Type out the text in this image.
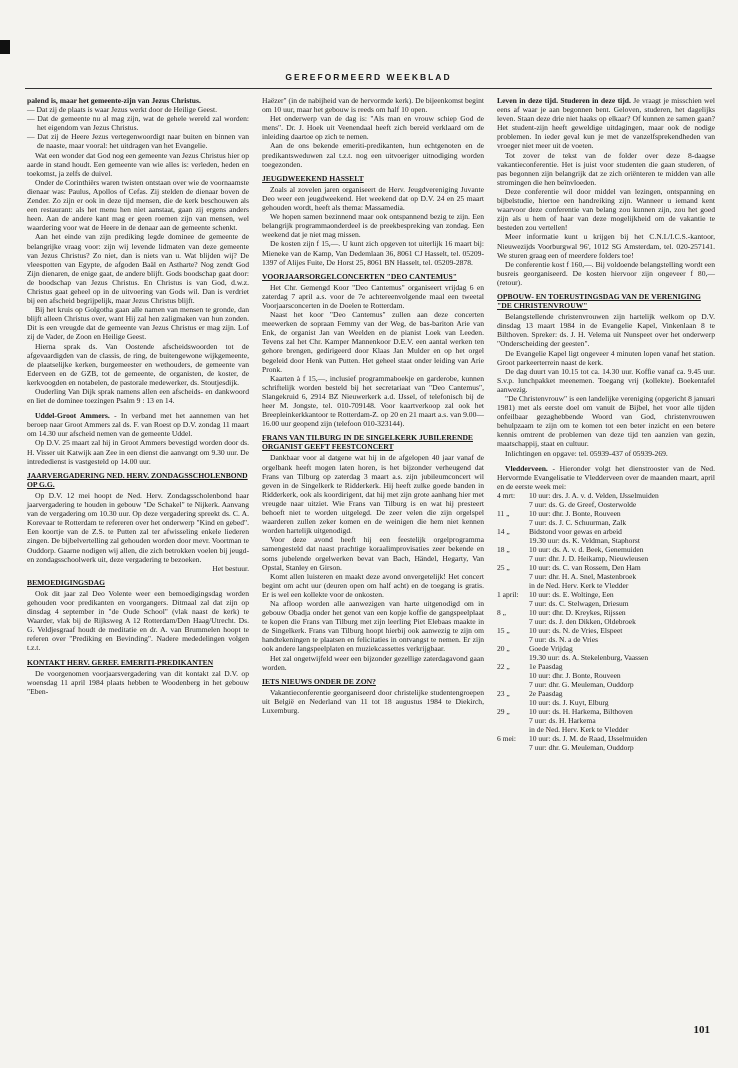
GEREFORMEERD WEEKBLAD

palend is, maar het gemeente-zijn van Jezus Christus.

— Dat zij de plaats is waar Jezus werkt door de Heilige Geest.

— Dat de gemeente nu al mag zijn, wat de gehele wereld zal worden: het eigendom van Jezus Christus.

— Dat zij de Heere Jezus vertegenwoordigt naar buiten en binnen van de naaste, maar vooral: het uitdragen van het Evangelie.

Wat een wonder dat God nog een gemeente van Jezus Christus hier op aarde in stand houdt. Een gemeente van wie alles is: verleden, heden en toekomst, ja zelfs de duivel.

Onder de Corinthiërs waren twisten ontstaan over wie de voornaamste dienaar was: Paulus, Apollos of Cefas. Zij stelden de dienaar boven de Zender. Zo zijn er ook in deze tijd mensen, die de kerk beschouwen als een restaurant: als het menu hen niet aanstaat, gaan zij ergens anders heen. Aan de andere kant mag er geen roemen zijn van mensen, wel waardering voor wat de Heere in de denaar aan de gemeente schenkt.

Aan het einde van zijn prediking legde dominee de gemeente de belangrijke vraag voor: zijn wij levende lidmaten van deze gemeente van Jezus Christus? Zo niet, dan is niets van u. Wat blijden wij? De vleespotten van Egypte, de afgoden Baäl en Astharte? Nog zendt God Zijn dienaren, de enige gaat, de andere blijft. Gods boodschap gaat door: de boodschap van Jezus Christus. En Christus is van God, d.w.z. Christus gaat geheel op in de uitvoering van Gods wil. Dan is verdriet bij een afscheid begrijpelijk, maar Jezus Christus blijft.

Bij het kruis op Golgotha gaan alle namen van mensen te gronde, dan blijft alleen Christus over, want Hij zal hen zaligmaken van hun zonden. Dit is een vreugde dat de gemeente van Jezus Christus er mag zijn. Lof zij de Vader, de Zoon en Heilige Geest.

Hierna sprak ds. Van Oostende afscheidswoorden tot de afgevaardigden van de classis, de ring, de buitengewone wijkgemeente, de plaatselijke kerken, burgemeester en wethouders, de gemeente van Ederveen en de GZB, tot de gemeente, de organisten, de koster, de kerkvoogden en notabelen, de pastorale medewerker, ds. Stoutjesdijk.

Ouderling Van Dijk sprak namens allen een afscheids- en dankwoord en liet de dominee toezingen Psalm 9 : 13 en 14.

Uddel-Groot Ammers. - In verband met het aannemen van het beroep naar Groot Ammers zal ds. F. van Roest op D.V. zondag 11 maart om 14.30 uur afscheid nemen van de gemeente Uddel.

Op D.V. 25 maart zal hij in Groot Ammers bevestigd worden door ds. H. Visser uit Katwijk aan Zee in een dienst die aanvangt om 9.30 uur. De intrededienst is vastgesteld op 14.00 uur.

JAARVERGADERING NED. HERV. ZONDAGSSCHOLENBOND OP G.G.

Op D.V. 12 mei hoopt de Ned. Herv. Zondagsscholenbond haar jaarvergadering te houden in gebouw "De Schakel" te Nijkerk. Aanvang van de vergadering om 10.30 uur. Op deze vergadering spreekt ds. C. A. Korevaar te Rotterdam te refereren over het onderwerp "Kind en gebed". Een koortje van de Z.S. te Putten zal ter afwisseling enkele liederen zingen. De bijbelvertelling zal gehouden worden door mevr. Voortman te Ouddorp. Gaarne nodigen wij allen, die zich betrokken voelen bij jeugd- en zondagsschoolwerk uit, deze vergadering te bezoeken.

Het bestuur.

BEMOEDIGINGSDAG

Ook dit jaar zal Deo Volente weer een bemoedigingsdag worden gehouden voor predikanten en voorgangers. Ditmaal zal dat zijn op dinsdag 4 september in "de Oude School" (vlak naast de kerk) te Waarder, vlak bij de Rijksweg A 12 Rotterdam/Den Haag/Utrecht. Ds. G. Veldjesgraaf houdt de meditatie en dr. A. van Brummelen hoopt te referen over "Prediking en Bevinding". Nadere mededelingen volgen t.z.t.

KONTAKT HERV. GEREF. EMERITI-PREDIKANTEN

De voorgenomen voorjaarsvergadering van dit kontakt zal D.V. op woensdag 11 april 1984 plaats hebben te Woodenberg in het gebouw "Eben-

Haëzer" (in de nabijheid van de hervormde kerk). De bijeenkomst begint om 10 uur, maar het gebouw is reeds om half 10 open.

Het onderwerp van de dag is: "Als man en vrouw schiep God de mens". Dr. J. Hoek uit Veenendaal heeft zich bereid verklaard om de inleiding daartoe op zich te nemen.

Aan de ons bekende emeriti-predikanten, hun echtgenoten en de predikantsweduwen zal t.z.t. nog een uitvoeriger uitnodiging worden toegezonden.

JEUGDWEEKEND HASSELT

Zoals al zovelen jaren organiseert de Herv. Jeugdvereniging Juvante Deo weer een jeugdweekend. Het weekend dat op D.V. 24 en 25 maart gehouden wordt, heeft als thema: Massamedia.

We hopen samen bezinnend maar ook ontspannend bezig te zijn. Een belangrijk programmaonderdeel is de preekbespreking van zondag. Een weekend dat je niet mag missen.

De kosten zijn f 15,—. U kunt zich opgeven tot uiterlijk 16 maart bij: Mieneke van de Kamp, Van Dedemlaan 36, 8061 CJ Hasselt, tel. 05209-1397 of Alijes Fuite, De Horst 25, 8061 BN Hasselt, tel. 05209-2878.

VOORJAARSORGELCONCERTEN "DEO CANTEMUS"

Het Chr. Gemengd Koor "Deo Cantemus" organiseert vrijdag 6 en zaterdag 7 april a.s. voor de 7e achtereenvolgende maal een tweetal Voorjaarsconcerten in de Doelen te Rotterdam.

Naast het koor "Deo Cantemus" zullen aan deze concerten meewerken de sopraan Femmy van der Weg, de bas-bariton Arie van Enk, de organist Jan van Weelden en de pianist Loek van Leeden. Tevens zal het Chr. Kamper Mannenkoor D.E.V. een aantal werken ten gehore brengen, gedirigeerd door Klaas Jan Mulder en op het orgel begeleid door Henk van Putten. Het geheel staat onder leiding van Arie Pronk.

Kaarten à f 15,—, inclusief programmaboekje en garderobe, kunnen schriftelijk worden besteld bij het secretariaat van "Deo Cantemus", Slangekruid 6, 2914 BZ Nieuwerkerk a.d. IJssel, of telefonisch bij de heer M. Jongste, tel. 010-709148. Voor kaartverkoop zal ook het Breepleinkerkkantoor te Rotterdam-Z. op 20 en 21 maart a.s. van 9.00—16.00 uur geopend zijn (telefoon 010-323144).

FRANS VAN TILBURG IN DE SINGELKERK JUBILERENDE ORGANIST GEEFT FEESTCONCERT

Dankbaar voor al datgene wat hij in de afgelopen 40 jaar vanaf de orgelbank heeft mogen laten horen, is het bijzonder verheugend dat Frans van Tilburg op zaterdag 3 maart a.s. zijn jubileumconcert wil geven in de Singelkerk te Ridderkerk. Hij heeft zulke goede banden in Ridderkerk, ook als koordirigent, dat hij met zijn grote aanhang hier met vreugde naar uitziet. Wie Frans van Tilburg is en wat hij presteert behoeft niet te worden uitgelegd. De zeer velen die zijn orgelspel waarderen zullen zeker komen en de weinigen die hem niet kennen worden hartelijk uitgenodigd.

Voor deze avond heeft hij een feestelijk orgelprogramma samengesteld dat naast prachtige koraalimprovisaties zeer bekende en soms jubelende orgelwerken bevat van Bach, Händel, Hegarty, Van Opstal, Stanley en Girson.

Komt allen luisteren en maakt deze avond onvergetelijk! Het concert begint om acht uur (deuren open om half acht) en de toegang is gratis. Er is wel een kollekte voor de onkosten.

Na afloop worden alle aanwezigen van harte uitgenodigd om in gebouw Obadja onder het genot van een kopje koffie de gangspeelplaat te kopen die Frans van Tilburg met zijn leerling Piet Elebaas maakte in de Singelkerk. Frans van Tilburg hoopt hierbij ook aanwezig te zijn om handtekeningen te plaatsen en felicitaties in ontvangst te nemen. Er zijn ook andere langspeelplaten en muziekcassettes verkrijgbaar.

Het zal ongetwijfeld weer een bijzonder gezellige zaterdagavond gaan worden.

IETS NIEUWS ONDER DE ZON?

Vakantieconferentie georganiseerd door christelijke studentengroepen uit België en Nederland van 11 tot 18 augustus 1984 te Diekirch, Luxemburg.

Leven in deze tijd. Studeren in deze tijd. Je vraagt je misschien wel eens af waar je aan begonnen bent. Geloven, studeren, het dagelijks leven. Staan deze drie niet haaks op elkaar? Of kunnen ze samen gaan? Het student-zijn heeft geweldige uitdagingen, maar ook de nodige problemen. In ieder geval kun je met de vanzelfsprekendheden van vroeger niet meer uit de voeten.

Tot zover de tekst van de folder over deze 8-daagse vakantieconferentie. Het is juist voor studenten die gaan studeren, of pas begonnen zijn belangrijk dat ze zich oriënteren te midden van alle stromingen die hen beïnvloeden.

Deze conferentie wil door middel van lezingen, ontspanning en bijbelstudie, hiertoe een handreiking zijn. Wanneer u iemand kent waarvoor deze conferentie van belang zou kunnen zijn, zou het goed zijn als u hem of haar van deze mogelijkheid om de vakantie te besteden zou vertellen!

Meer informatie kunt u krijgen bij het C.N.I./I.C.S.-kantoor, Nieuwezijds Voorburgwal 96', 1012 SG Amsterdam, tel. 020-257141. We sturen graag een of meerdere folders toe!

De conferentie kost f 160,—. Bij voldoende belangstelling wordt een busreis georganiseerd. De kosten hiervoor zijn ongeveer f 80,— (retour).

OPBOUW- EN TOERUSTINGSDAG VAN DE VERENIGING "DE CHRISTENVROUW"

Belangstellende christenvrouwen zijn hartelijk welkom op D.V. dinsdag 13 maart 1984 in de Evangelie Kapel, Vinkenlaan 8 te Bilthoven. Spreker: ds. J. H. Velema uit Nunspeet over het onderwerp "Onderscheiding der geesten".

De Evangelie Kapel ligt ongeveer 4 minuten lopen vanaf het station. Groot parkeerterrein naast de kerk.

De dag duurt van 10.15 tot ca. 14.30 uur. Koffie vanaf ca. 9.45 uur. S.v.p. lunchpakket meenemen. Toegang vrij (kollekte). Boekentafel aanwezig.

"De Christenvrouw" is een landelijke vereniging (opgericht 8 januari 1981) met als eerste doel om vanuit de Bijbel, het voor alle tijden onfeilbaar gezaghebbende Woord van God, christenvrouwen behulpzaam te zijn om te komen tot een beter inzicht en een betere kennis omtrent de problemen van deze tijd ten aanzien van gezin, maatschappij, staat en cultuur.

Inlichtingen en opgave: tel. 05939-437 of 05939-269.

Vledderveen. - Hieronder volgt het dienstrooster van de Ned. Hervormde Evangelisatie te Vledderveen over de maanden maart, april en de eerste week mei:

4 mrt:	10 uur: drs. J. A. v. d. Velden, IJsselmuiden
7 uur: ds. G. de Greef, Oosterwolde
11 „	10 uur: dhr. J. Bonte, Rouveen
7 uur: ds. J. C. Schuurman, Zalk
14 „	Bidstond voor gewas en arbeid
19.30 uur: ds. K. Veldman, Staphorst
18 „	10 uur: ds. A. v. d. Beek, Genemuiden
7 uur: dhr. J. D. Heikamp, Nieuwleusen
25 „	10 uur: ds. C. van Rossem, Den Ham
7 uur: dhr. H. A. Snel, Mastenbroek
in de Ned. Herv. Kerk te Vledder
1 april:	10 uur: ds. E. Woltinge, Een
7 uur: ds. C. Stelwagen, Driesum
8 „	10 uur: dhr. D. Kreykes, Rijssen
7 uur: ds. J. den Dikken, Oldebroek
15 „	10 uur: ds. N. de Vries, Elspeet
7 uur: ds. N. a de Vries
20 „	Goede Vrijdag
19.30 uur: ds. A. Stekelenburg, Vaassen
22 „	1e Paasdag
10 uur: dhr. J. Bonte, Rouveen
7 uur: dhr. G. Meuleman, Ouddorp
23 „	2e Paasdag
10 uur: ds. J. Kuyt, Elburg
29 „	10 uur: ds. H. Harkema, Bilthoven
7 uur: ds. H. Harkema
in de Ned. Herv. Kerk te Vledder
6 mei:	10 uur: ds. J. M. de Raad, IJsselmuiden
7 uur: dhr. G. Meuleman, Ouddorp
101
